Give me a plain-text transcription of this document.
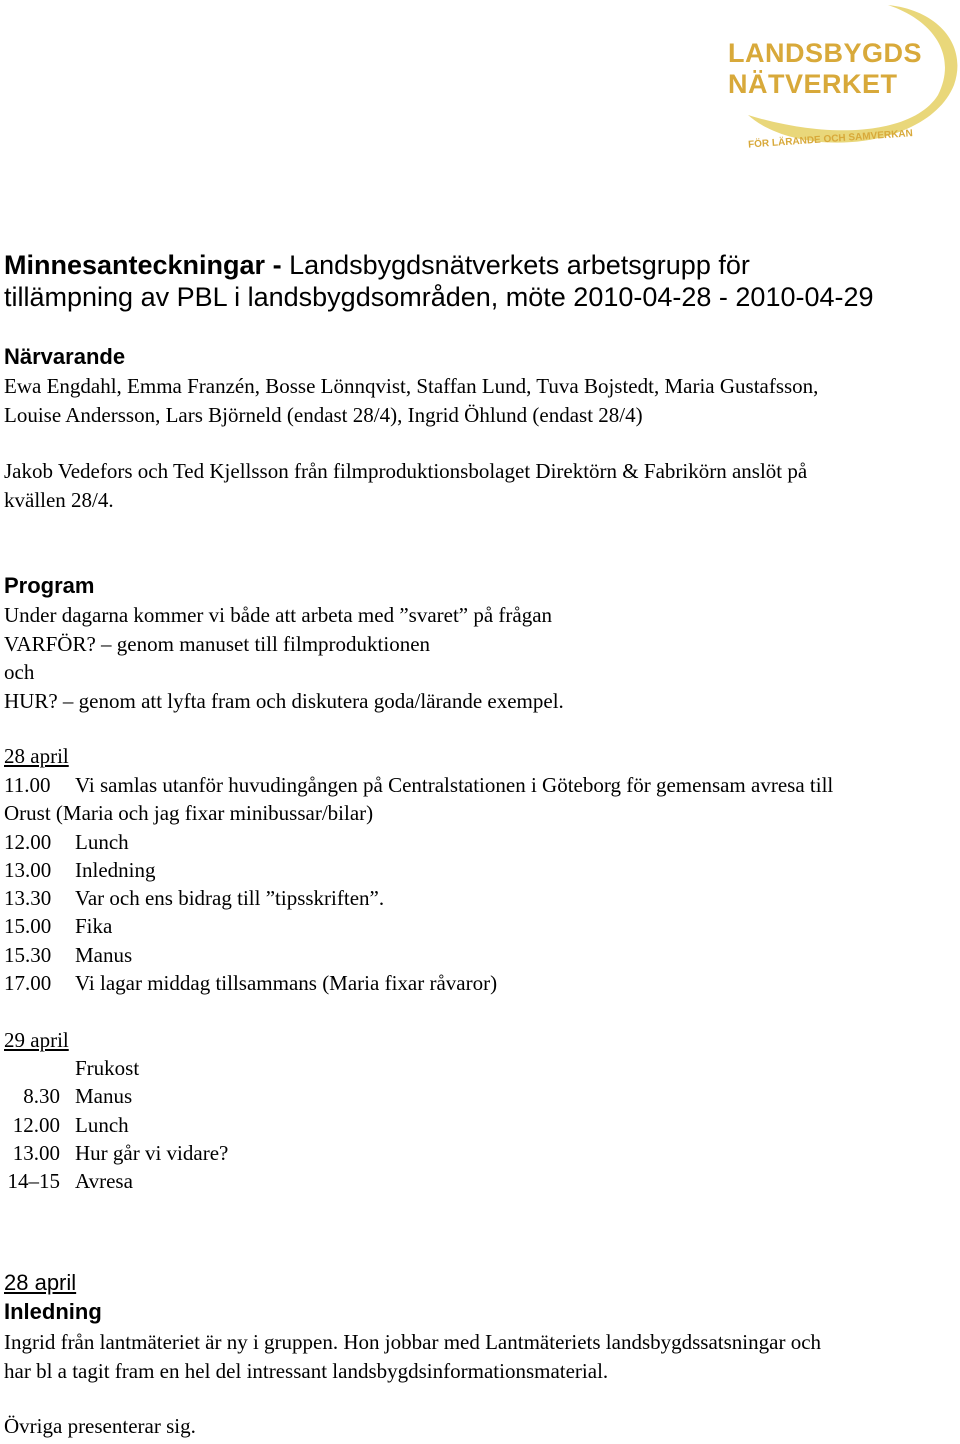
LANDSBYGDS
NÄTVERKET
FÖR LÄRANDE OCH SAMVERKAN
Minnesanteckningar - Landsbygdsnätverkets arbetsgrupp för
tillämpning av PBL i landsbygdsområden, möte 2010-04-28 - 2010-04-29
Närvarande
Ewa Engdahl, Emma Franzén, Bosse Lönnqvist, Staffan Lund, Tuva Bojstedt, Maria Gustafsson,
Louise Andersson, Lars Björneld (endast 28/4), Ingrid Öhlund (endast 28/4)
Jakob Vedefors och Ted Kjellsson från filmproduktionsbolaget Direktörn & Fabrikörn anslöt på
kvällen 28/4.
Program
Under dagarna kommer vi både att arbeta med ”svaret” på frågan
VARFÖR? – genom manuset till filmproduktionen
och
HUR? – genom att lyfta fram och diskutera goda/lärande exempel.
28 april
11.00 Vi samlas utanför huvudingången på Centralstationen i Göteborg för gemensam avresa till
Orust (Maria och jag fixar minibussar/bilar)
12.00 Lunch
13.00 Inledning
13.30 Var och ens bidrag till ”tipsskriften”.
15.00 Fika
15.30 Manus
17.00 Vi lagar middag tillsammans (Maria fixar råvaror)
29 april
Frukost
8.30 Manus
12.00 Lunch
13.00 Hur går vi vidare?
14–15 Avresa
28 april
Inledning
Ingrid från lantmäteriet är ny i gruppen. Hon jobbar med Lantmäteriets landsbygdssatsningar och
har bl a tagit fram en hel del intressant landsbygdsinformationsmaterial.
Övriga presenterar sig.
